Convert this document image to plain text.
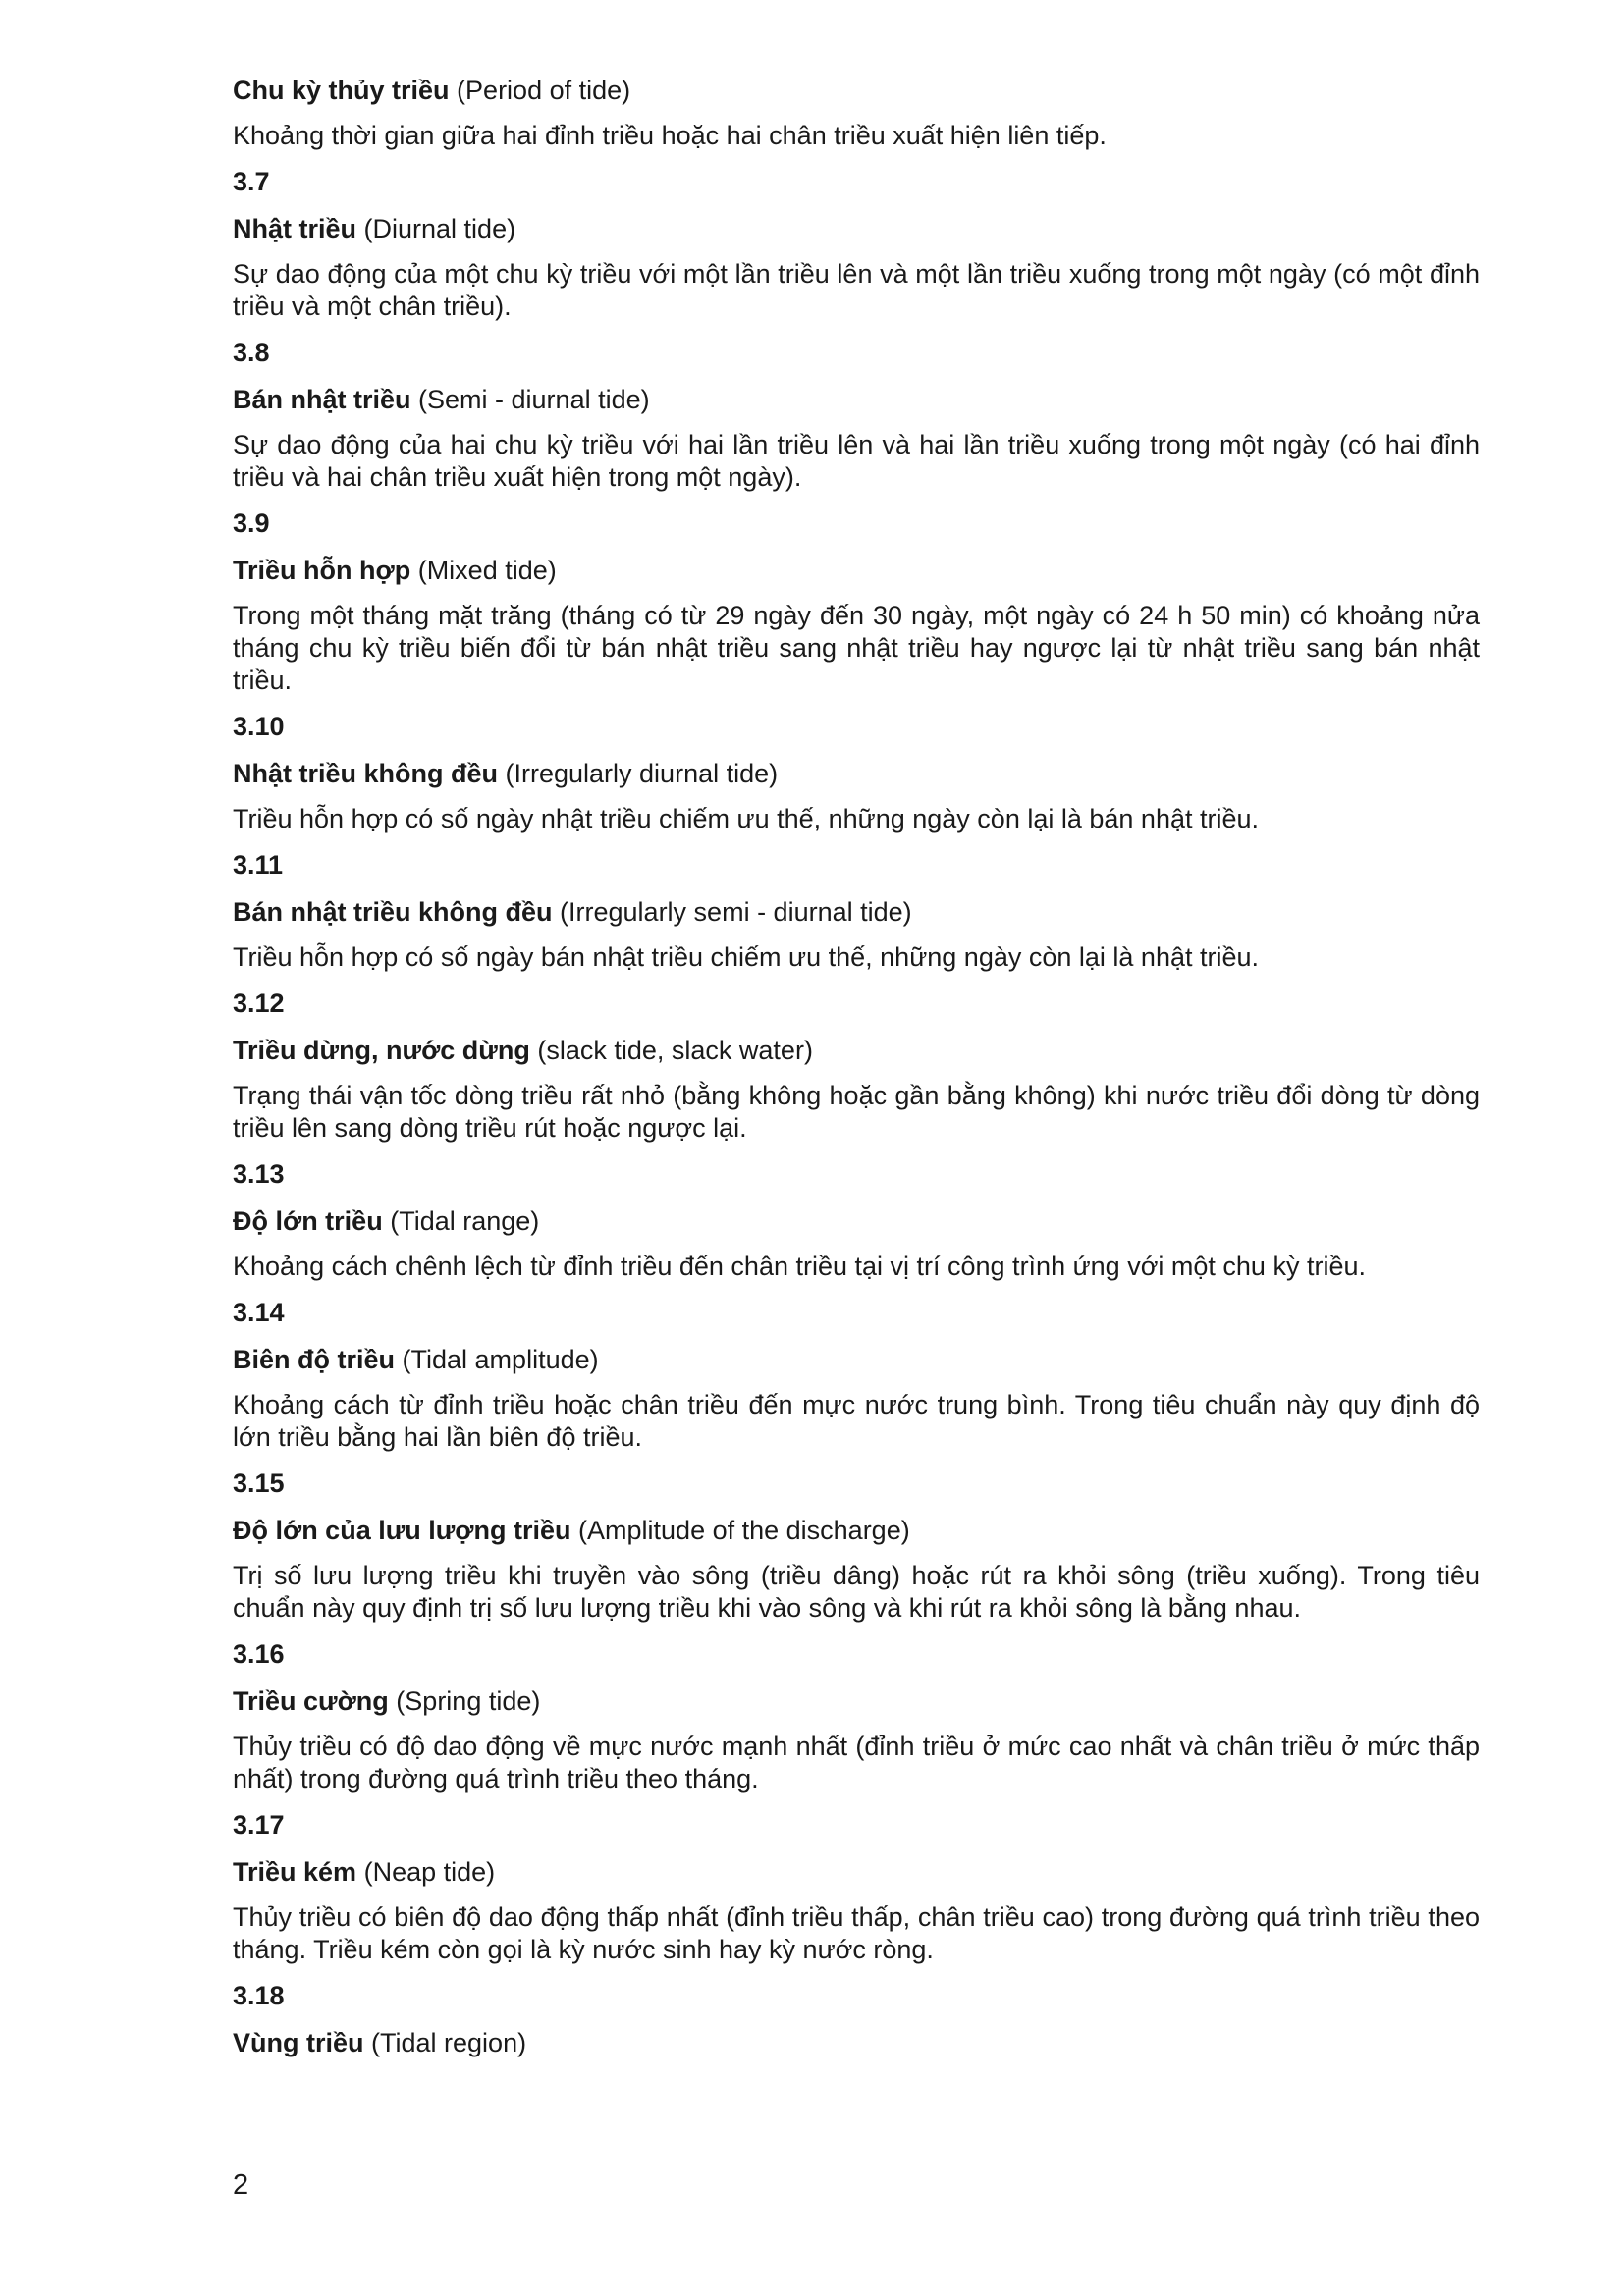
Chu kỳ thủy triều (Period of tide)

Khoảng thời gian giữa hai đỉnh triều hoặc hai chân triều xuất hiện liên tiếp.

3.7

Nhật triều (Diurnal tide)

Sự dao động của một chu kỳ triều với một lần triều lên và một lần triều xuống trong một ngày (có một đỉnh triều và một chân triều).

3.8

Bán nhật triều (Semi - diurnal tide)

Sự dao động của hai chu kỳ triều với hai lần triều lên và hai lần triều xuống trong một ngày (có hai đỉnh triều và hai chân triều xuất hiện trong một ngày).

3.9

Triều hỗn hợp (Mixed tide)

Trong một tháng mặt trăng (tháng có từ 29 ngày đến 30 ngày, một ngày có 24 h 50 min) có khoảng nửa tháng chu kỳ triều biến đổi từ bán nhật triều sang nhật triều hay ngược lại từ nhật triều sang bán nhật triều.

3.10

Nhật triều không đều (Irregularly diurnal tide)

Triều hỗn hợp có số ngày nhật triều chiếm ưu thế, những ngày còn lại là bán nhật triều.

3.11

Bán nhật triều không đều (Irregularly semi - diurnal tide)

Triều hỗn hợp có số ngày bán nhật triều chiếm ưu thế, những ngày còn lại là nhật triều.

3.12

Triều dừng, nước dừng (slack tide, slack water)

Trạng thái vận tốc dòng triều rất nhỏ (bằng không hoặc gần bằng không) khi nước triều đổi dòng từ dòng triều lên sang dòng triều rút hoặc ngược lại.

3.13

Độ lớn triều (Tidal range)

Khoảng cách chênh lệch từ đỉnh triều đến chân triều tại vị trí công trình ứng với một chu kỳ triều.

3.14

Biên độ triều (Tidal amplitude)

Khoảng cách từ đỉnh triều hoặc chân triều đến mực nước trung bình. Trong tiêu chuẩn này quy định độ lớn triều bằng hai lần biên độ triều.

3.15

Độ lớn của lưu lượng triều (Amplitude of the discharge)

Trị số lưu lượng triều khi truyền vào sông (triều dâng) hoặc rút ra khỏi sông (triều xuống). Trong tiêu chuẩn này quy định trị số lưu lượng triều khi vào sông và khi rút ra khỏi sông là bằng nhau.

3.16

Triều cường (Spring tide)

Thủy triều có độ dao động về mực nước mạnh nhất (đỉnh triều ở mức cao nhất và chân triều ở mức thấp nhất) trong đường quá trình triều theo tháng.

3.17

Triều kém (Neap tide)

Thủy triều có biên độ dao động thấp nhất (đỉnh triều thấp, chân triều cao) trong đường quá trình triều theo tháng. Triều kém còn gọi là kỳ nước sinh hay kỳ nước ròng.

3.18

Vùng triều (Tidal region)

2
